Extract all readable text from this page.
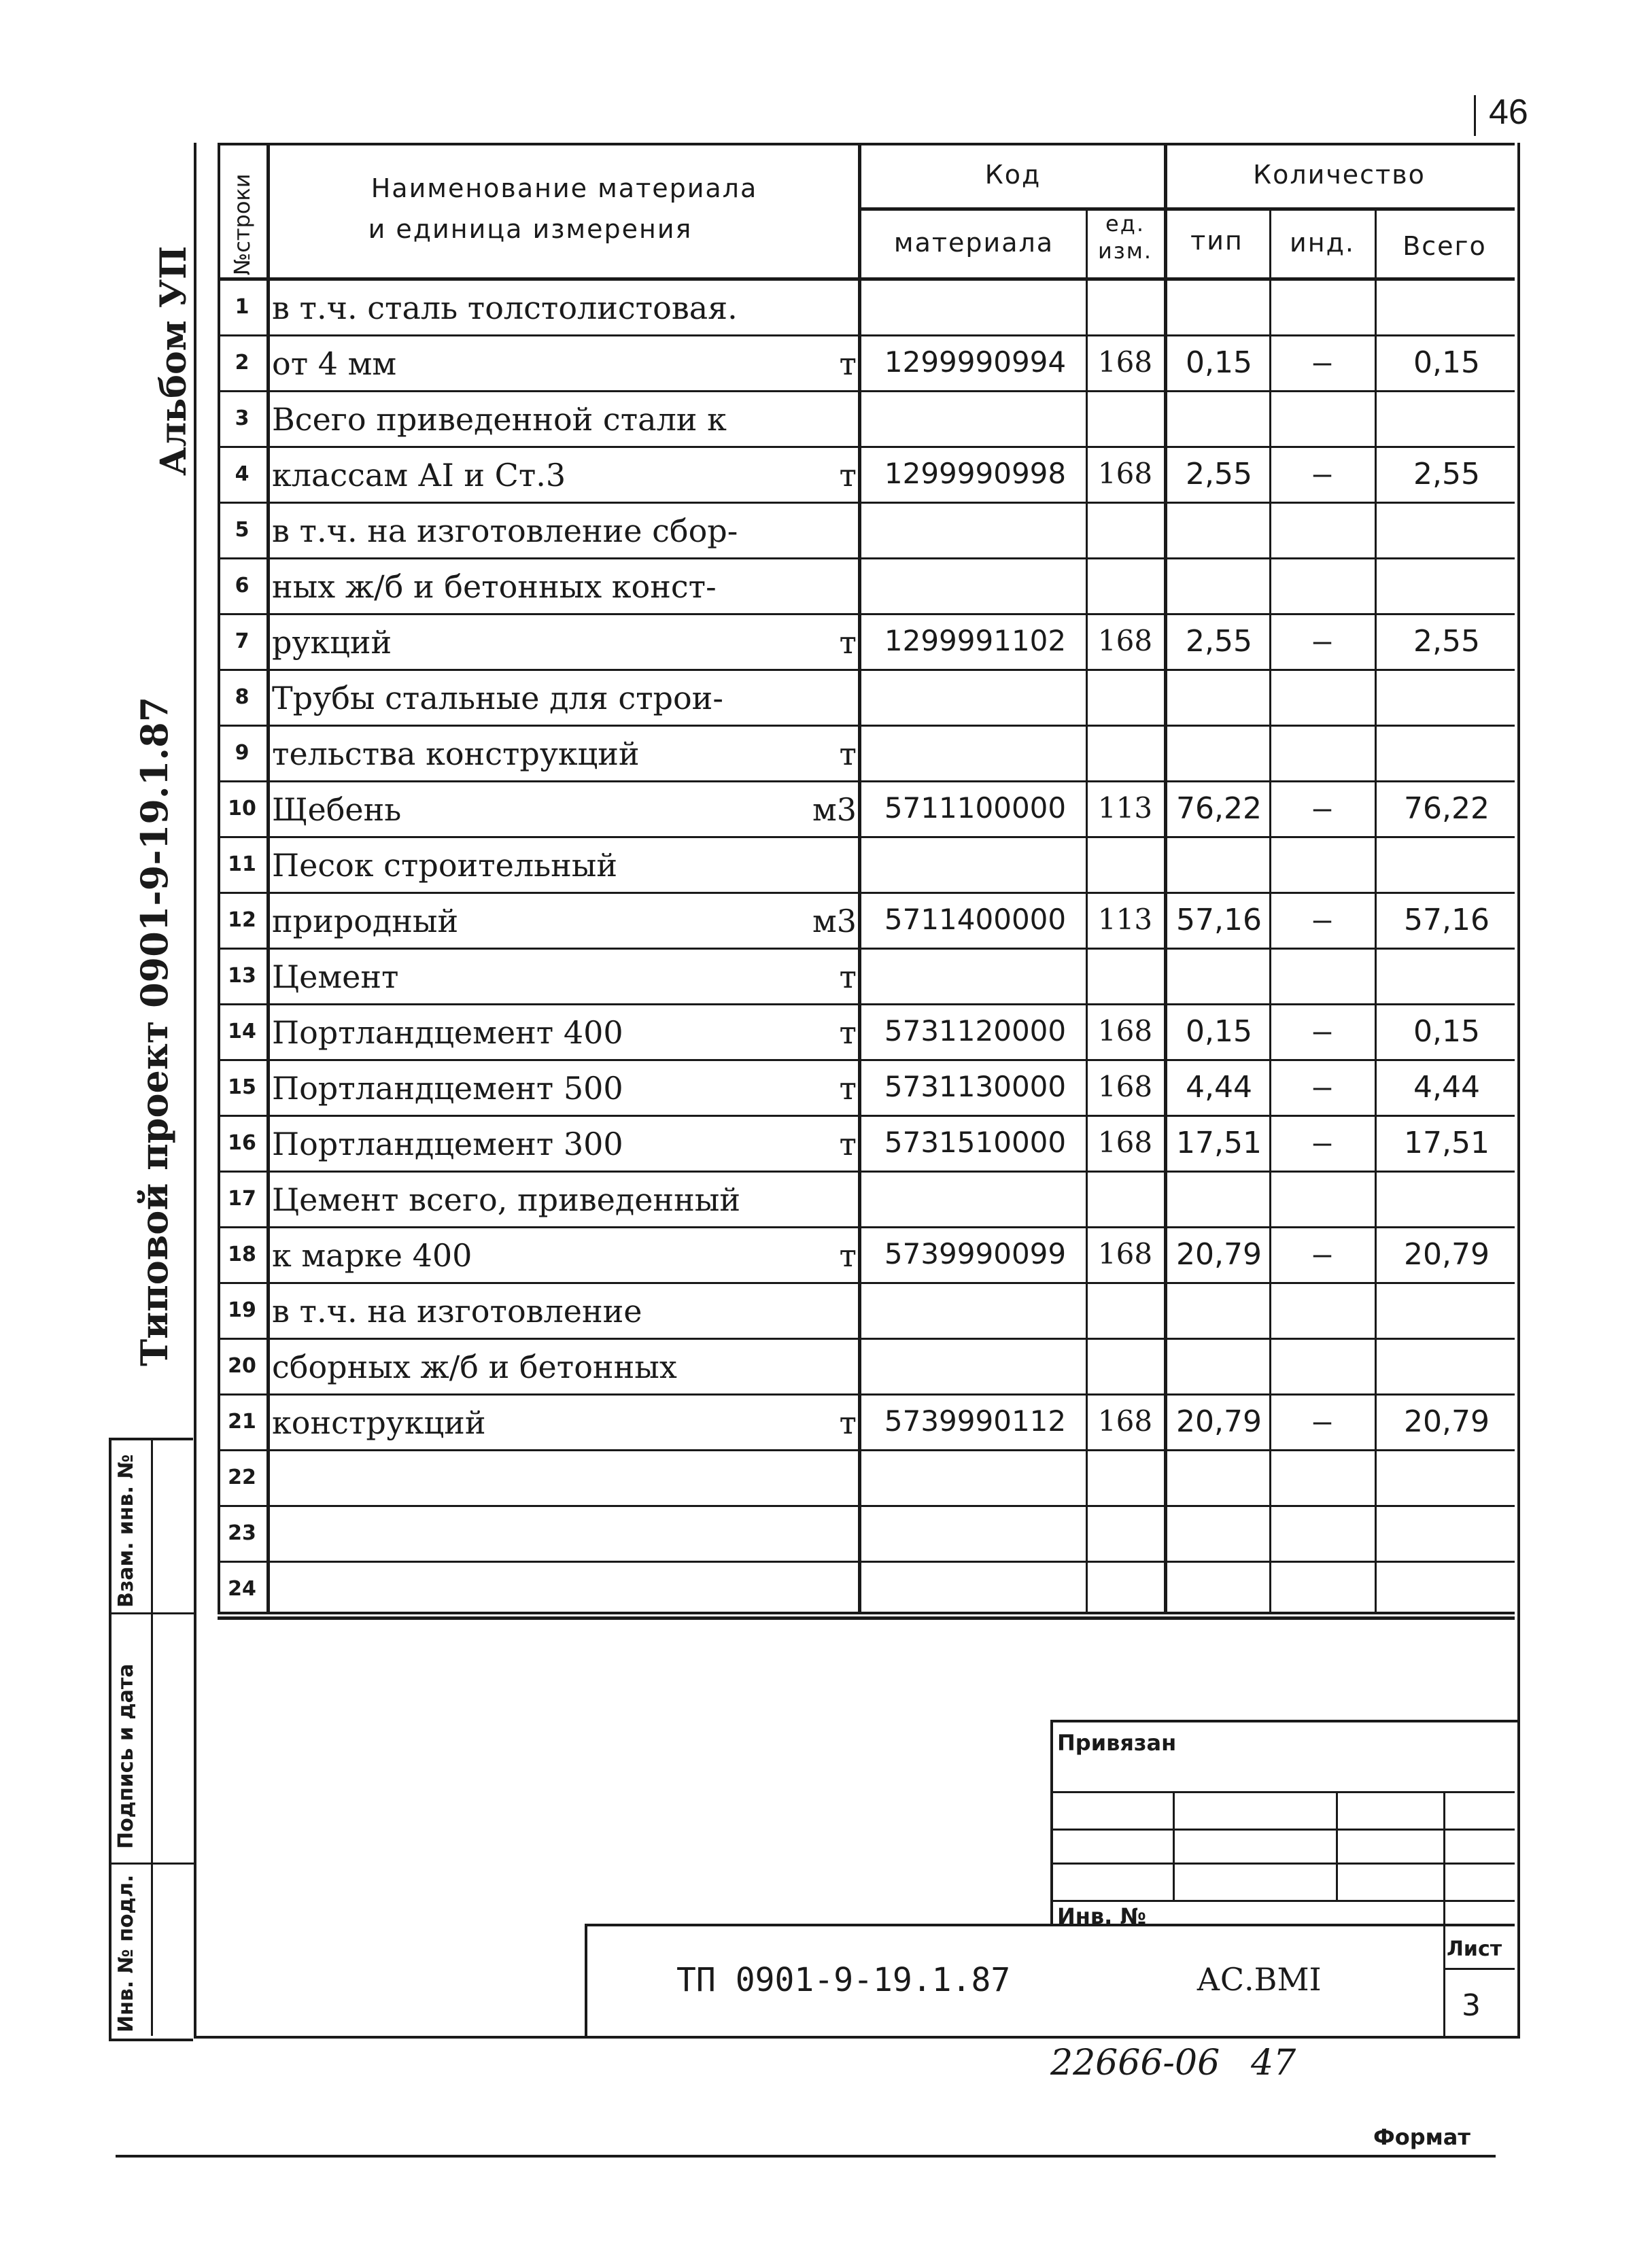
46
Альбом УП
Типовой проект 0901-9-19.1.87
Взам. инв. №
Подпись и дата
Инв. № подл.
№строки	Наименование материала
и единица измерения
Код	Количество
материала
ед.
изм.	тип	инд.	Всего
1 в т.ч. сталь толстолистовая.
2 от 4 мм	т 1299990994	168	0,15	–	0,15
3 Всего приведенной стали к
4 классам АI и Ст.3	т 1299990998	168	2,55	–	2,55
5 в т.ч. на изготовление сбор-
6 ных ж/б и бетонных конст-
7 рукций	т 1299991102	168	2,55	–	2,55
8 Трубы стальные для строи-
9 тельства конструкций	т
10 Щебень	м3 5711100000	113 76,22	–	76,22
11 Песок строительный
12 природный	м3 5711400000	113 57,16	–	57,16
13 Цемент	т
14 Портландцемент 400	т 5731120000	168	0,15	–	0,15
15 Портландцемент 500	т 5731130000	168	4,44	–	4,44
16 Портландцемент 300	т 5731510000	168 17,51	–	17,51
17 Цемент всего, приведенный
18 к марке 400	т 5739990099	168 20,79	–	20,79
19 в т.ч. на изготовление
20 сборных ж/б и бетонных
21 конструкций	т 5739990112	168 20,79	–	20,79
22
23
24
Привязан
Инв. №
ТП 0901-9-19.1.87	АС.ВМI
Лист
3
22666-06 47
Формат
